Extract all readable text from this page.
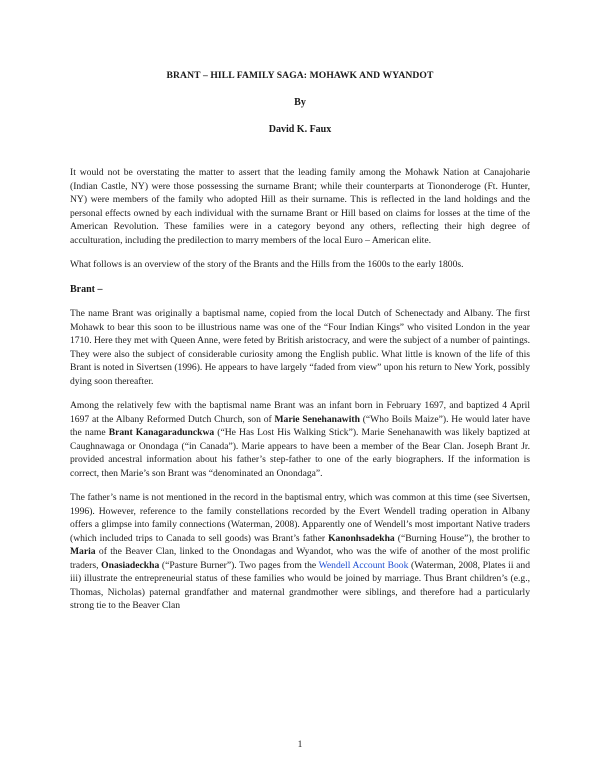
BRANT – HILL FAMILY SAGA: MOHAWK AND WYANDOT
By
David K. Faux

It would not be overstating the matter to assert that the leading family among the Mohawk Nation at Canajoharie (Indian Castle, NY) were those possessing the surname Brant; while their counterparts at Tiononderoge (Ft. Hunter, NY) were members of the family who adopted Hill as their surname. This is reflected in the land holdings and the personal effects owned by each individual with the surname Brant or Hill based on claims for losses at the time of the American Revolution. These families were in a category beyond any others, reflecting their high degree of acculturation, including the predilection to marry members of the local Euro – American elite.

What follows is an overview of the story of the Brants and the Hills from the 1600s to the early 1800s.

Brant –

The name Brant was originally a baptismal name, copied from the local Dutch of Schenectady and Albany. The first Mohawk to bear this soon to be illustrious name was one of the “Four Indian Kings” who visited London in the year 1710. Here they met with Queen Anne, were feted by British aristocracy, and were the subject of a number of paintings. They were also the subject of considerable curiosity among the English public. What little is known of the life of this Brant is noted in Sivertsen (1996). He appears to have largely “faded from view” upon his return to New York, possibly dying soon thereafter.

Among the relatively few with the baptismal name Brant was an infant born in February 1697, and baptized 4 April 1697 at the Albany Reformed Dutch Church, son of Marie Senehanawith (“Who Boils Maize”). He would later have the name Brant Kanagaradunckwa (“He Has Lost His Walking Stick”). Marie Senehanawith was likely baptized at Caughnawaga or Onondaga (“in Canada”). Marie appears to have been a member of the Bear Clan. Joseph Brant Jr. provided ancestral information about his father’s step-father to one of the early biographers. If the information is correct, then Marie’s son Brant was “denominated an Onondaga”.

The father’s name is not mentioned in the record in the baptismal entry, which was common at this time (see Sivertsen, 1996). However, reference to the family constellations recorded by the Evert Wendell trading operation in Albany offers a glimpse into family connections (Waterman, 2008). Apparently one of Wendell’s most important Native traders (which included trips to Canada to sell goods) was Brant’s father Kanonhsadekha (“Burning House”), the brother to Maria of the Beaver Clan, linked to the Onondagas and Wyandot, who was the wife of another of the most prolific traders, Onasiadeckha (“Pasture Burner”). Two pages from the Wendell Account Book (Waterman, 2008, Plates ii and iii) illustrate the entrepreneurial status of these families who would be joined by marriage. Thus Brant children’s (e.g., Thomas, Nicholas) paternal grandfather and maternal grandmother were siblings, and therefore had a particularly strong tie to the Beaver Clan

1
